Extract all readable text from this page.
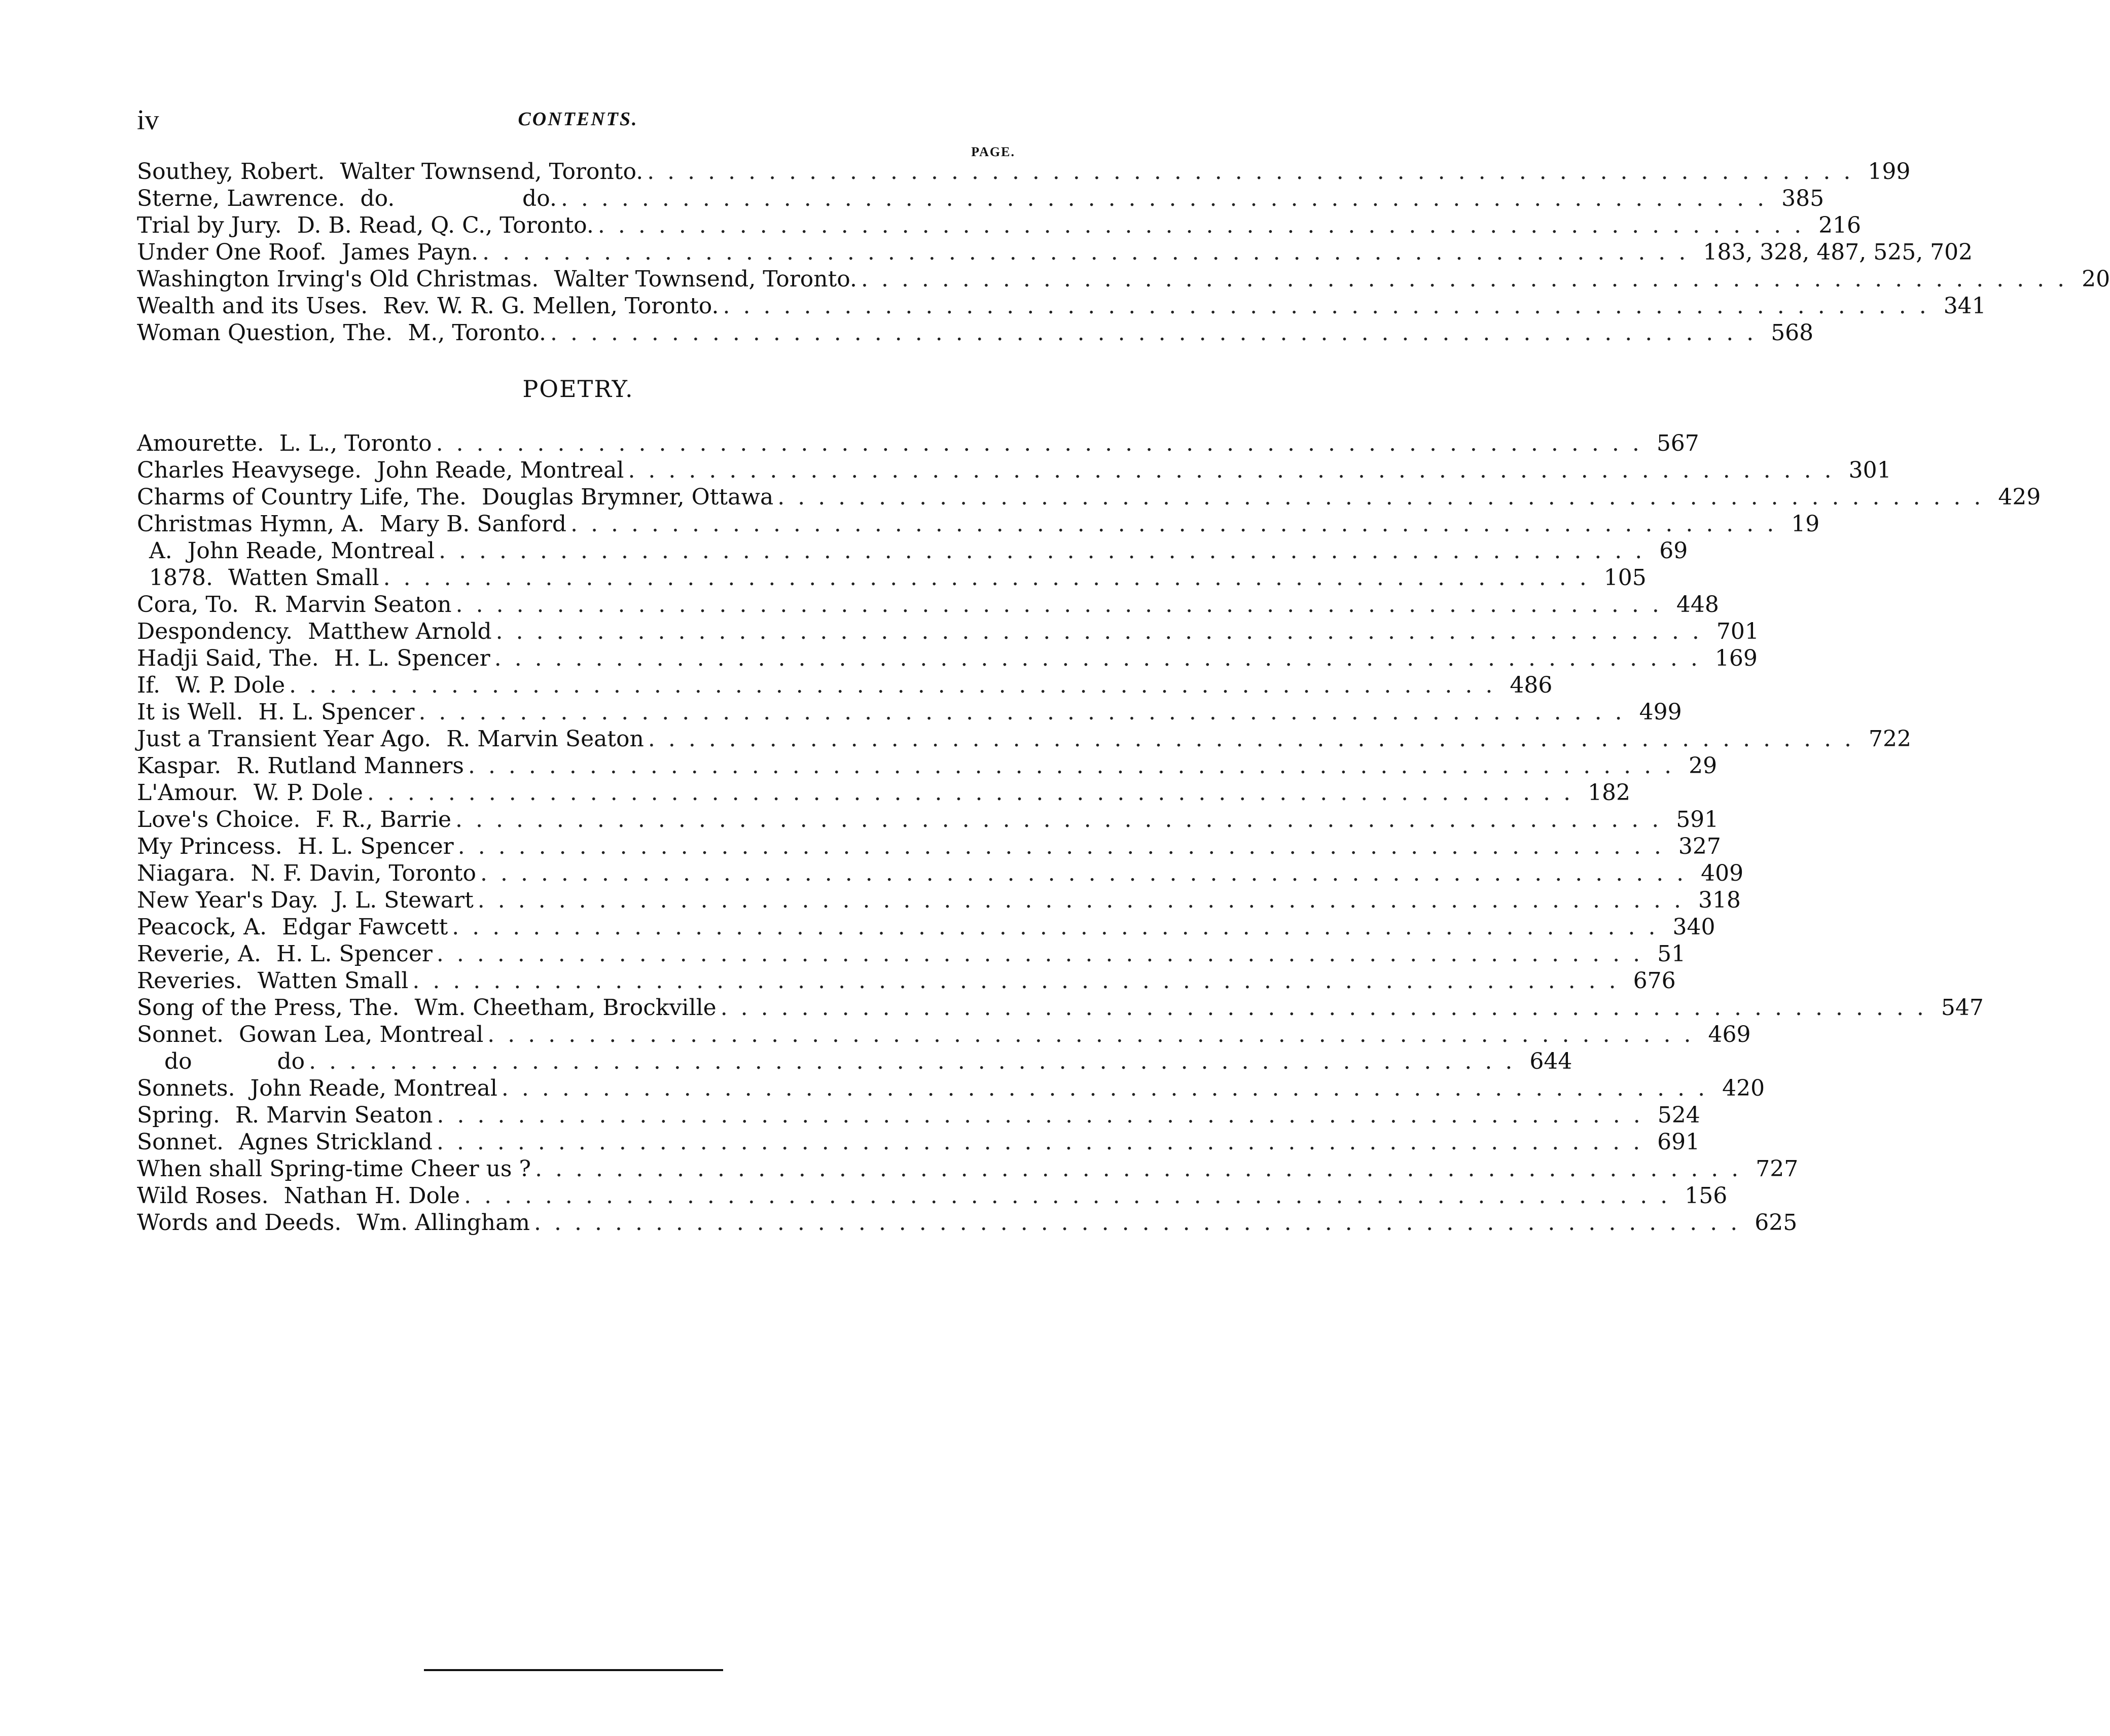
iv	CONTENTS.
PAGE.
Southey, Robert. Walter Townsend, Toronto. ............................................................ 199
Sterne, Lawrence. do.                  do. ............................................................ 385
Trial by Jury. D. B. Read, Q. C., Toronto. ............................................................ 216
Under One Roof. James Payn. ............................................................ 183, 328, 487, 525, 702
Washington Irving's Old Christmas. Walter Townsend, Toronto. ............................................................ 20
Wealth and its Uses. Rev. W. R. G. Mellen, Toronto. ............................................................ 341
Woman Question, The. M., Toronto. ............................................................ 568
POETRY.
Amourette. L. L., Toronto ............................................................ 567
Charles Heavysege. John Reade, Montreal ............................................................ 301
Charms of Country Life, The. Douglas Brymner, Ottawa ............................................................ 429
Christmas Hymn, A. Mary B. Sanford ............................................................ 19
A. John Reade, Montreal ............................................................ 69
1878. Watten Small ............................................................ 105
Cora, To. R. Marvin Seaton ............................................................ 448
Despondency. Matthew Arnold ............................................................ 701
Hadji Said, The. H. L. Spencer ............................................................ 169
If. W. P. Dole ............................................................ 486
It is Well. H. L. Spencer ............................................................ 499
Just a Transient Year Ago. R. Marvin Seaton ............................................................ 722
Kaspar. R. Rutland Manners ............................................................ 29
L'Amour. W. P. Dole ............................................................ 182
Love's Choice. F. R., Barrie ............................................................ 591
My Princess. H. L. Spencer ............................................................ 327
Niagara. N. F. Davin, Toronto ............................................................ 409
New Year's Day. J. L. Stewart ............................................................ 318
Peacock, A. Edgar Fawcett ............................................................ 340
Reverie, A. H. L. Spencer ............................................................ 51
Reveries. Watten Small ............................................................ 676
Song of the Press, The. Wm. Cheetham, Brockville ............................................................ 547
Sonnet. Gowan Lea, Montreal ............................................................ 469
do            do ............................................................ 644
Sonnets. John Reade, Montreal ............................................................ 420
Spring. R. Marvin Seaton ............................................................ 524
Sonnet. Agnes Strickland ............................................................ 691
When shall Spring-time Cheer us ? ............................................................ 727
Wild Roses. Nathan H. Dole ............................................................ 156
Words and Deeds. Wm. Allingham ............................................................ 625
